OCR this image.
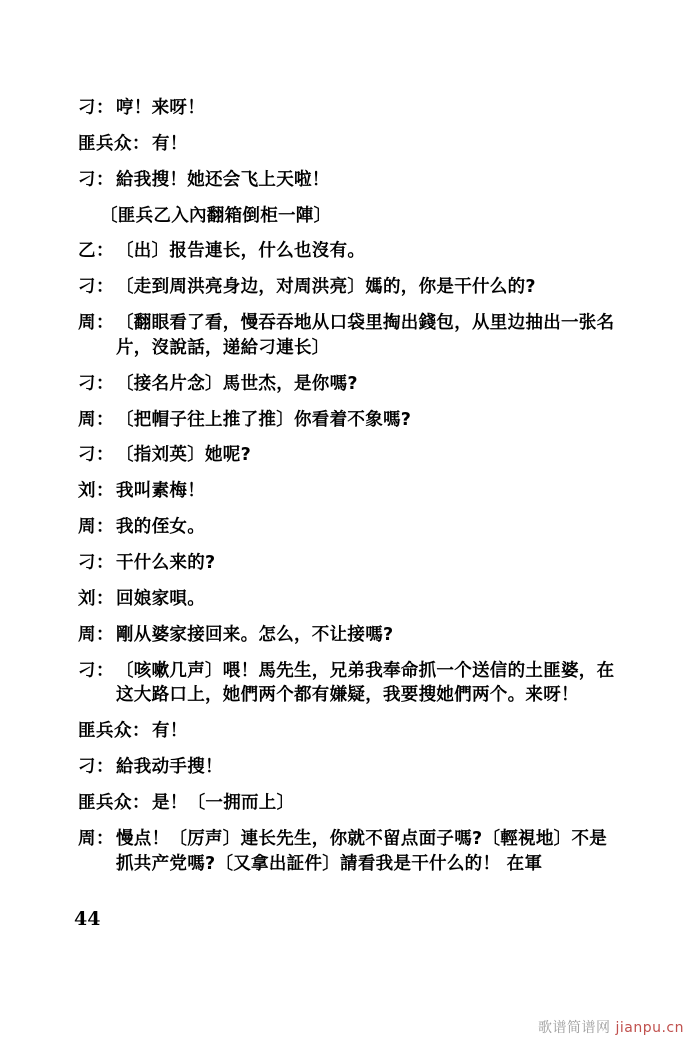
刁： 哼！来呀！
匪兵众： 有！
刁： 給我搜！她还会飞上天啦！
〔匪兵乙入內翻箱倒柜一陣〕
乙： 〔出〕报告連长，什么也沒有。
刁： 〔走到周洪亮身边，对周洪亮〕媽的，你是干什么的?
周： 〔翻眼看了看，慢吞吞地从口袋里掏出錢包，从里边抽出一张名片，沒說話，递給刁連长〕
刁： 〔接名片念〕馬世杰，是你嗎?
周： 〔把帽子往上推了推〕你看着不象嗎?
刁： 〔指刘英〕她呢?
刘： 我叫素梅！
周： 我的侄女。
刁： 干什么来的?
刘： 回娘家唄。
周： 剛从婆家接回来。怎么，不让接嗎?
刁： 〔咳嗽几声〕喂！馬先生，兄弟我奉命抓一个送信的土匪婆，在这大路口上，她們两个都有嫌疑，我要搜她們两个。来呀！
匪兵众： 有！
刁： 給我动手搜！
匪兵众： 是！〔一拥而上〕
周： 慢点！〔厉声〕連长先生，你就不留点面子嗎?〔輕視地〕不是抓共产党嗎?〔又拿出証件〕請看我是干什么的！ 在軍
44
歌谱简谱网 jianpu.cn
